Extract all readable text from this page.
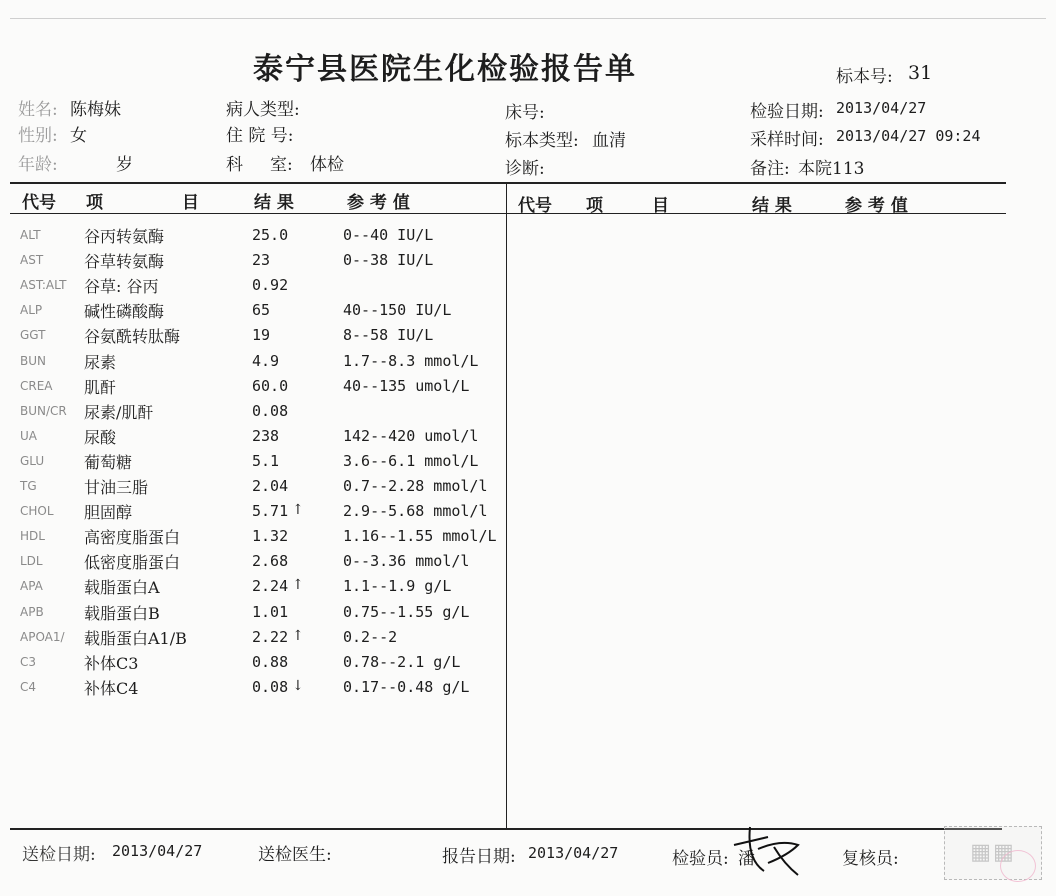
泰宁县医院生化检验报告单	标本号: 31
姓名: 陈梅妹
性别: 女
年龄:	岁
病人类型:
住 院 号:
科     室: 体检
床号:
标本类型: 血清
诊断:
检验日期: 2013/04/27
采样时间: 2013/04/27 09:24
备注: 本院113
代号 项	目	结 果	参 考 值	代号 项	目	结 果	参 考 值
ALT	谷丙转氨酶	25.0	0--40 IU/L
AST	谷草转氨酶	23	0--38 IU/L
AST:ALT 谷草: 谷丙	0.92
ALP	碱性磷酸酶	65	40--150 IU/L
GGT 谷氨酰转肽酶	19	8--58 IU/L
BUN 尿素	4.9	1.7--8.3 mmol/L
CREA 肌酐	60.0	40--135 umol/L
BUN/CR 尿素/肌酐	0.08
UA	尿酸	238	142--420 umol/l
GLU 葡萄糖	5.1	3.6--6.1 mmol/L
TG	甘油三脂	2.04	0.7--2.28 mmol/l
CHOL 胆固醇	5.71 ↑	2.9--5.68 mmol/l
HDL 高密度脂蛋白	1.32	1.16--1.55 mmol/L
LDL	低密度脂蛋白	2.68	0--3.36 mmol/l
APA	载脂蛋白A	2.24 ↑	1.1--1.9 g/L
APB	载脂蛋白B	1.01	0.75--1.55 g/L
APOA1/ 载脂蛋白A1/B	2.22 ↑	0.2--2
C3	补体C3	0.88	0.78--2.1 g/L
C4	补体C4	0.08 ↓	0.17--0.48 g/L
送检日期: 2013/04/27	送检医生:	报告日期: 2013/04/27	检验员: 潘	复核员:	▦▦
